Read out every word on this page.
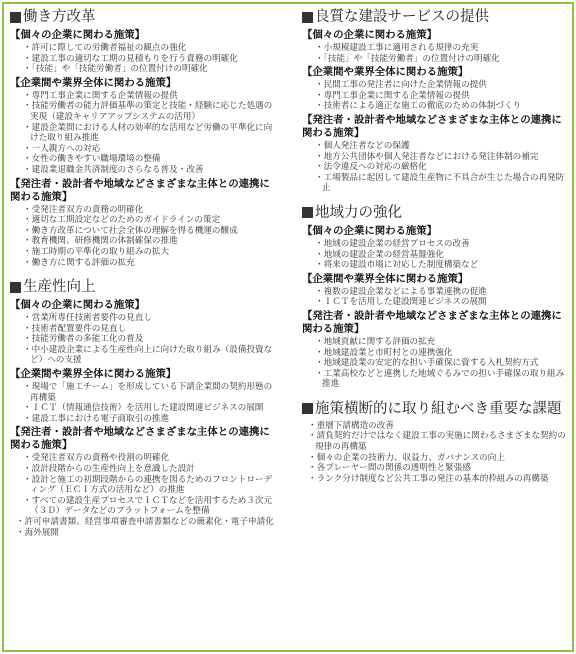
働き方改革
【個々の企業に関わる施策】
・ 許可に際しての労働者福祉の観点の強化
・ 建設工事の適切な工期の見積もりを行う責務の明確化
・ 「技能」や「技能労働者」の位置付けの明確化
【企業間や業界全体に関わる施策】
・ 専門工事企業に関する企業情報の提供
・ 技能労働者の能力評価基準の策定と技能・経験に応じた処遇の実現（建設キャリアアップシステムの活用）
・ 建設企業間における人材の効率的な活用など労働の平準化に向けた取り組み推進
・ 一人親方への対応
・ 女性の働きやすい職場環境の整備
・ 建設業退職金共済制度のさらなる普及・改善
【発注者・設計者や地域などさまざまな主体との連携に関わる施策】
・ 受発注者双方の責務の明確化
・ 適切な工期設定などのためのガイドラインの策定
・ 働き方改革について社会全体の理解を得る機運の醸成
・ 教育機関、研修機関の体制確保の推進
・ 施工時期の平準化の取り組みの拡大
・ 働き方に関する評価の拡充
生産性向上
【個々の企業に関わる施策】
・ 営業所専任技術者要件の見直し
・ 技術者配置要件の見直し
・ 技能労働者の多能工化の普及
・ 中小建設企業による生産性向上に向けた取り組み（設備投資など）への支援
【企業間や業界全体に関わる施策】
・ 現場で「施工チーム」を形成している下請企業間の契約形態の再構築
・ ＩＣＴ（情報通信技術）を活用した建設関連ビジネスの展開
・ 建設工事における電子商取引の推進
【発注者・設計者や地域などさまざまな主体との連携に関わる施策】
・ 受発注者双方の責務や役割の明確化
・ 設計段階からの生産性向上を意識した設計
・ 設計と施工の初期段階からの連携を図るためのフロントローディング（ＥＣＩ方式の活用など）の推進
・ すべての建設生産プロセスでＩＣＴなどを活用するため３次元（３Ｄ）データなどのプラットフォームを整備
・ 許可申請書類、経営事項審査申請書類などの簡素化・電子申請化
・ 海外展開
良質な建設サービスの提供
【個々の企業に関わる施策】
・ 小規模建設工事に適用される規律の充実
・ 「技能」や「技能労働者」の位置付けの明確化
【企業間や業界全体に関わる施策】
・ 民間工事の発注者に向けた企業情報の提供
・ 専門工事企業に関する企業情報の提供
・ 技術者による適正な施工の徹底のための体制づくり
【発注者・設計者や地域などさまざまな主体との連携に関わる施策】
・ 個人発注者などの保護
・ 地方公共団体や個人発注者などにおける発注体制の補完
・ 法令違反への対応の厳格化
・ 工場製品に起因して建設生産物に不具合が生じた場合の再発防止
地域力の強化
【個々の企業に関わる施策】
・ 地域の建設企業の経営プロセスの改善
・ 地域の建設企業の経営基盤強化
・ 将来の建設市場に対応した制度構築など
【企業間や業界全体に関わる施策】
・ 複数の建設企業などによる事業連携の促進
・ ＩＣＴを活用した建設関連ビジネスの展開
【発注者・設計者や地域などさまざまな主体との連携に関わる施策】
・ 地域貢献に関する評価の拡充
・ 地域建設業と市町村との連携強化
・ 地域建設業の安定的な担い手確保に資する入札契約方式
・ 工業高校などと連携した地域ぐるみでの担い手確保の取り組み推進
施策横断的に取り組むべき重要な課題
・ 重層下請構造の改善
・ 請負契約だけではなく建設工事の実施に関わるさまざまな契約の規律の再構築
・ 個々の企業の技術力、収益力、ガバナンスの向上
・ 各プレーヤー間の関係の透明性と緊張感
・ ランク分け制度など公共工事の発注の基本的枠組みの再構築
